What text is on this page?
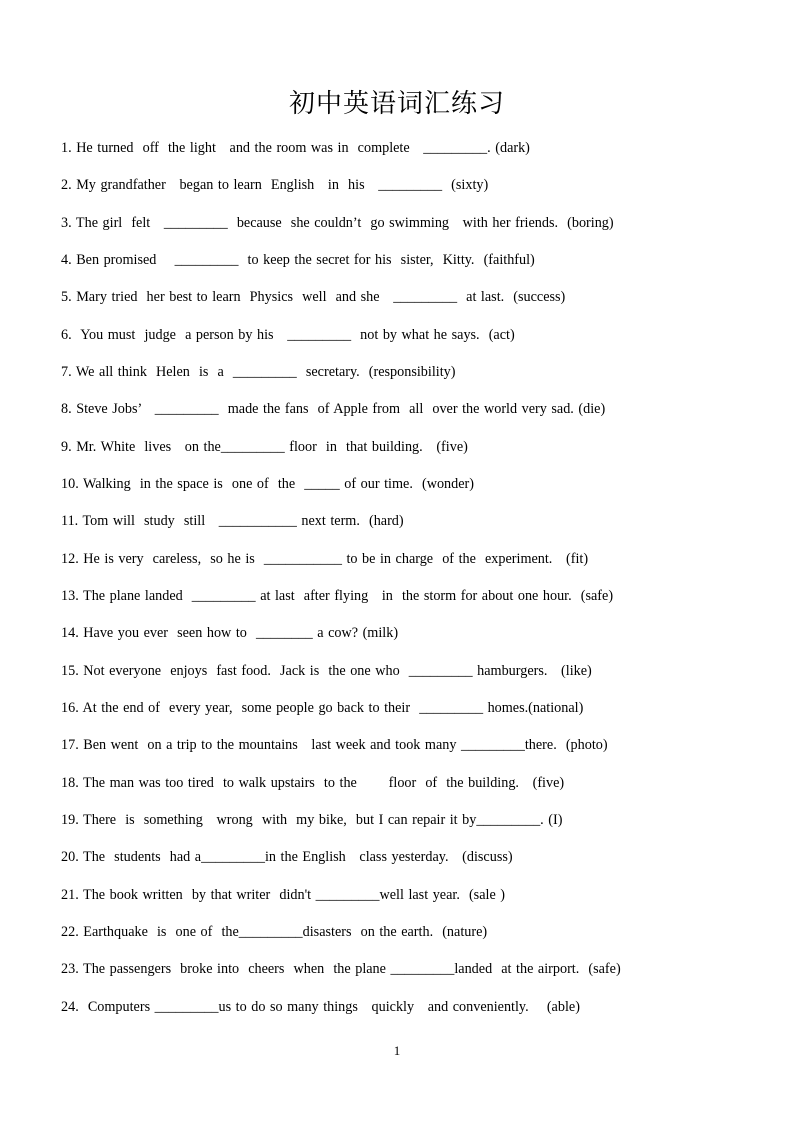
初中英语词汇练习
1. He turned  off  the light   and the room was in  complete   _________. (dark)
2. My grandfather   began to learn  English   in  his   _________  (sixty)
3. The girl  felt   _________  because  she couldn’t  go swimming   with her friends.  (boring)
4. Ben promised    _________  to keep the secret for his  sister,  Kitty.  (faithful)
5. Mary tried  her best to learn  Physics  well  and she   _________  at last.  (success)
6.  You must  judge  a person by his   _________  not by what he says.  (act)
7. We all think  Helen  is  a  _________  secretary.  (responsibility)
8. Steve Jobs’   _________  made the fans  of Apple from  all  over the world very sad. (die)
9. Mr. White  lives   on the_________ floor  in  that building.   (five)
10. Walking  in the space is  one of  the  _____ of our time.  (wonder)
11. Tom will  study  still   ___________ next term.  (hard)
12. He is very  careless,  so he is  ___________ to be in charge  of the  experiment.   (fit)
13. The plane landed  _________ at last  after flying   in  the storm for about one hour.  (safe)
14. Have you ever  seen how to  ________ a cow? (milk)
15. Not everyone  enjoys  fast food.  Jack is  the one who  _________ hamburgers.   (like)
16. At the end of  every year,  some people go back to their  _________ homes.(national)
17. Ben went  on a trip to the mountains   last week and took many _________there.  (photo)
18. The man was too tired  to walk upstairs  to the       floor  of  the building.   (five)
19. There  is  something   wrong  with  my bike,  but I can repair it by_________. (I)
20. The  students  had a_________in the English   class yesterday.   (discuss)
21. The book written  by that writer  didn't _________well last year.  (sale )
22. Earthquake  is  one of  the_________disasters  on the earth.  (nature)
23. The passengers  broke into  cheers  when  the plane _________landed  at the airport.  (safe)
24.  Computers _________us to do so many things   quickly   and conveniently.    (able)
1
